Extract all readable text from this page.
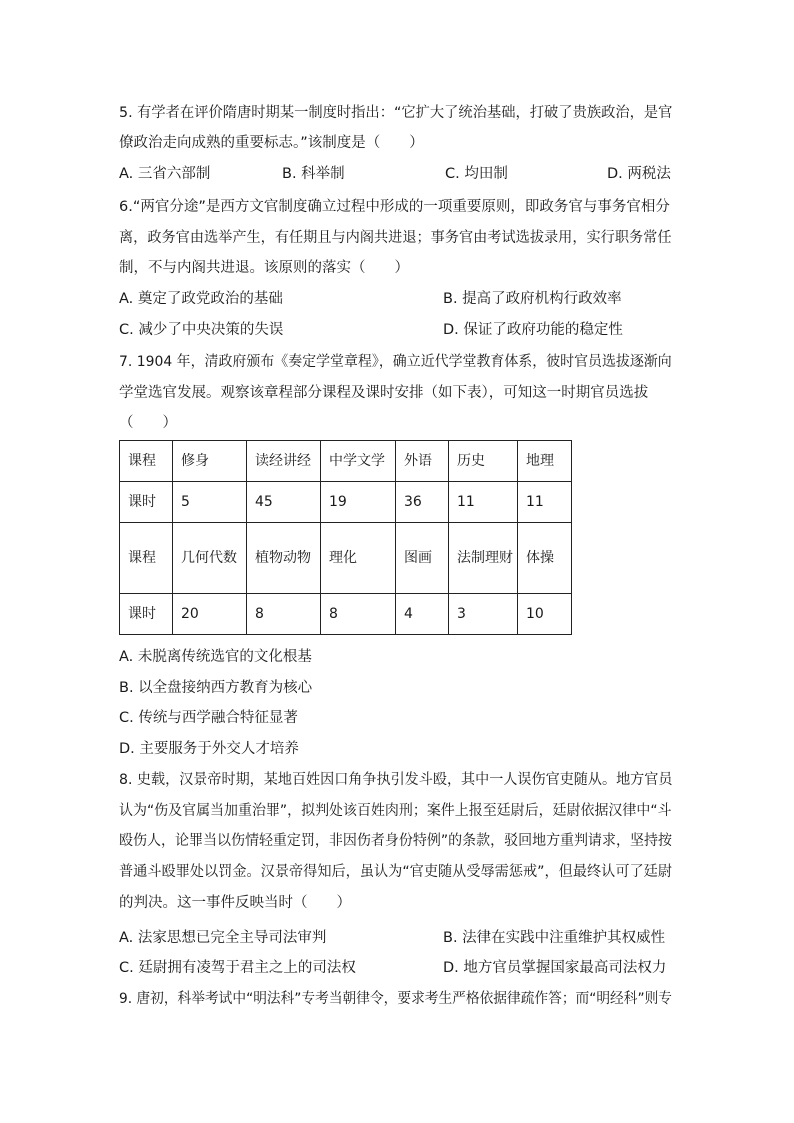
5. 有学者在评价隋唐时期某一制度时指出：“它扩大了统治基础，打破了贵族政治，是官
僚政治走向成熟的重要标志。”该制度是（　　）
A. 三省六部制	B. 科举制	C. 均田制	D. 两税法
6.“两官分途”是西方文官制度确立过程中形成的一项重要原则，即政务官与事务官相分
离，政务官由选举产生，有任期且与内阁共进退；事务官由考试选拔录用，实行职务常任
制，不与内阁共进退。该原则的落实（　　）
A. 奠定了政党政治的基础	B. 提高了政府机构行政效率
C. 减少了中央决策的失误	D. 保证了政府功能的稳定性
7. 1904 年，清政府颁布《奏定学堂章程》，确立近代学堂教育体系，彼时官员选拔逐渐向
学堂选官发展。观察该章程部分课程及课时安排（如下表），可知这一时期官员选拔
（　　）
课程	修身	读经讲经	中学文学	外语	历史	地理
课时	5	45	19	36	11	11
课程	几何代数	植物动物	理化	图画	法制理财	体操
课时	20	8	8	4	3	10
A. 未脱离传统选官的文化根基
B. 以全盘接纳西方教育为核心
C. 传统与西学融合特征显著
D. 主要服务于外交人才培养
8. 史载，汉景帝时期，某地百姓因口角争执引发斗殴，其中一人误伤官吏随从。地方官员
认为“伤及官属当加重治罪”，拟判处该百姓肉刑；案件上报至廷尉后，廷尉依据汉律中“斗
殴伤人，论罪当以伤情轻重定罚，非因伤者身份特例”的条款，驳回地方重判请求，坚持按
普通斗殴罪处以罚金。汉景帝得知后，虽认为“官吏随从受辱需惩戒”，但最终认可了廷尉
的判决。这一事件反映当时（　　）
A. 法家思想已完全主导司法审判	B. 法律在实践中注重维护其权威性
C. 廷尉拥有凌驾于君主之上的司法权	D. 地方官员掌握国家最高司法权力
9. 唐初，科举考试中“明法科”专考当朝律令，要求考生严格依据律疏作答；而“明经科”则专
